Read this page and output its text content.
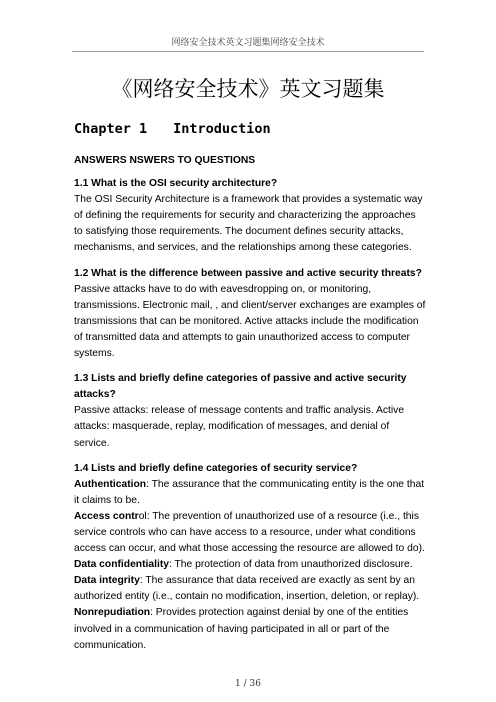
网络安全技术英文习题集网络安全技术
《网络安全技术》英文习题集
Chapter 1 Introduction

ANSWERS NSWERS TO QUESTIONS

1.1 What is the OSI security architecture?

The OSI Security Architecture is a framework that provides a systematic way of defining the requirements for security and characterizing the approaches to satisfying those requirements. The document defines security attacks, mechanisms, and services, and the relationships among these categories.

1.2 What is the difference between passive and active security threats?

Passive attacks have to do with eavesdropping on, or monitoring, transmissions. Electronic mail, , and client/server exchanges are examples of transmissions that can be monitored. Active attacks include the modification of transmitted data and attempts to gain unauthorized access to computer systems.

1.3 Lists and briefly define categories of passive and active security attacks?

Passive attacks: release of message contents and traffic analysis. Active attacks: masquerade, replay, modification of messages, and denial of service.

1.4 Lists and briefly define categories of security service?

Authentication: The assurance that the communicating entity is the one that it claims to be.

Access control: The prevention of unauthorized use of a resource (i.e., this service controls who can have access to a resource, under what conditions access can occur, and what those accessing the resource are allowed to do).

Data confidentiality: The protection of data from unauthorized disclosure.

Data integrity: The assurance that data received are exactly as sent by an authorized entity (i.e., contain no modification, insertion, deletion, or replay).

Nonrepudiation: Provides protection against denial by one of the entities involved in a communication of having participated in all or part of the communication.

1 / 36
